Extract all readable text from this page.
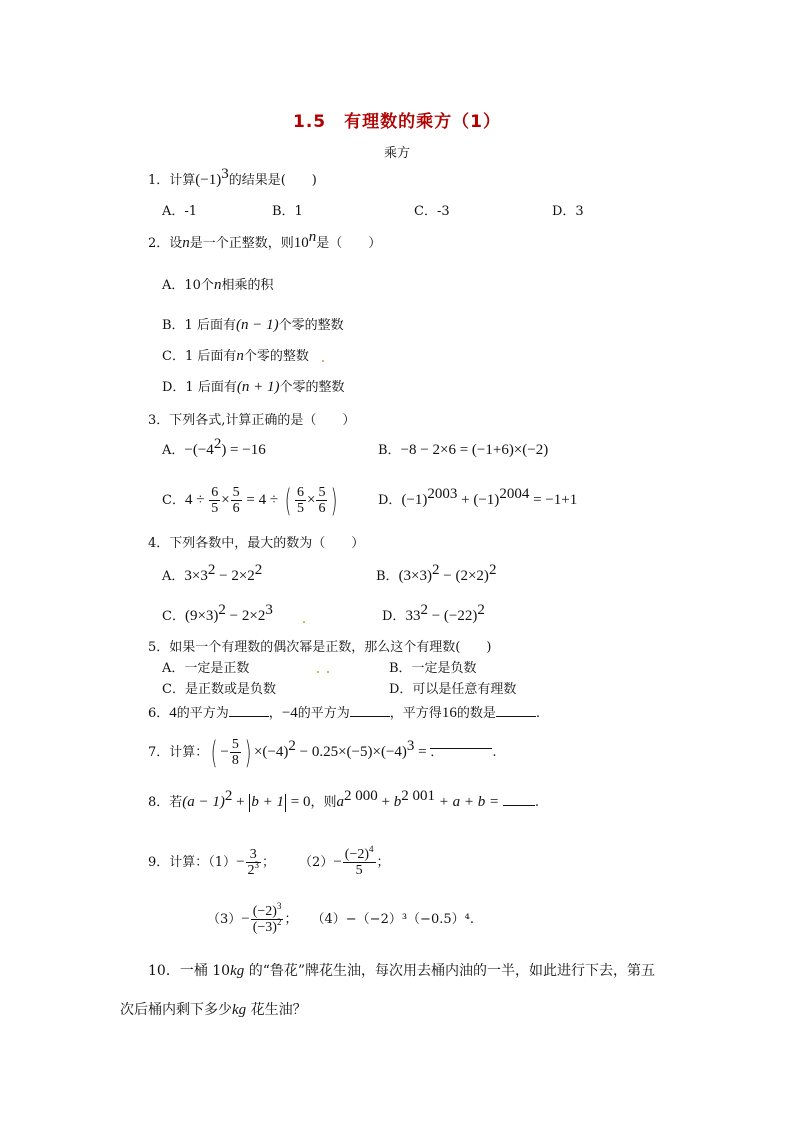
1.5　有理数的乘方（1）
乘方
1．计算$(-1)^3$的结果是(　　)
A．-1	B．1	C．-3	D．3
2．设n是一个正整数，则10$^n$是（　　）
A．10个n相乘的积
B．1 后面有(n − 1)个零的整数
C．1 后面有n个零的整数
D．1 后面有(n + 1)个零的整数
3．下列各式,计算正确的是（　　）
A．$-(-4^2) = -16$	B．−8 − 2×6 = (−1+6)×(−2)
C．$4 \div \frac{6}{5} \times \frac{5}{6} = 4$ ÷ ( $\frac{6}{5} \times \frac{5}{6}$ )	D．$(-1)^{2003} + (-1)^{2004} = -1+1$
4．下列各数中，最大的数为（　　）
A．$3\times 3^2 - 2\times 2^2$	B．$(3\times 3)^2 - (2\times 2)^2$
C．$(9\times 3)^2 - 2\times 2^3$	D．$33^2 - (-22)^2$
5．如果一个有理数的偶次幂是正数，那么这个有理数(　　)
A．一定是正数	B．一定是负数
C．是正数或是负数	D．可以是任意有理数
6．4的平方为	，−4的平方为	，平方得16的数是	.
7．计算：( − $\frac{5}{8}$ ) $\times(-4)^2 - 0.25\times(-5)\times(-4)^3$ = ．	.
8．若$(a - 1)^2 + b + 1 = 0$，则$a^{2 000} + b^{2 001} + a + b$ = .
9．计算：$(1)- \frac{3}{2^3}$ ； $(2)- \frac{(-2)^4}{5}$ ；
$(3)- \frac{(-2)^3}{(-3)^2}$ ； （4）−（−2）³（−0.5）⁴.
10．一桶 10kg 的“鲁花”牌花生油，每次用去桶内油的一半，如此进行下去，第五
次后桶内剩下多少kg 花生油？
